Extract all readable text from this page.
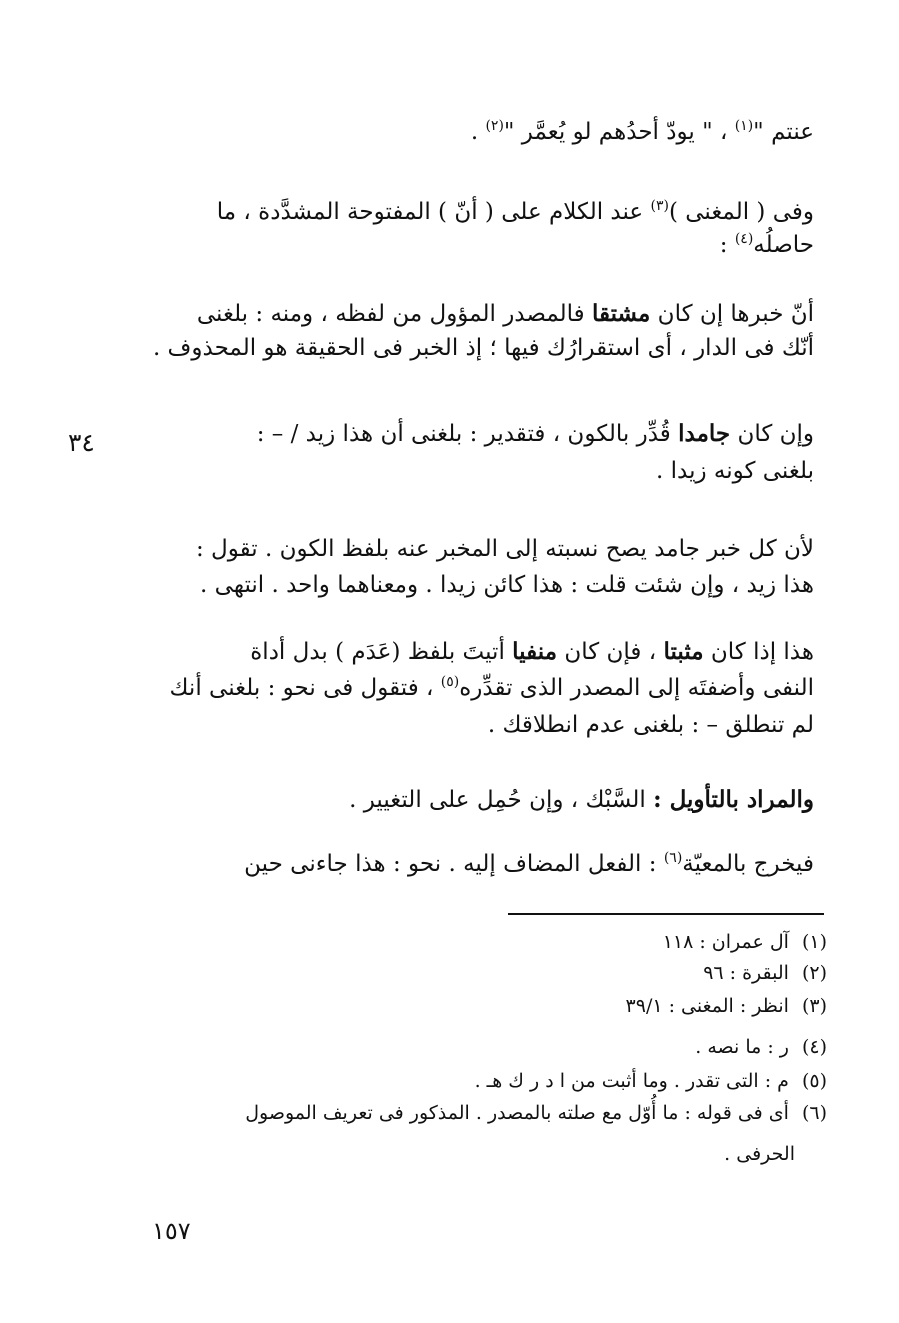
عنتم "$^{(١)}$ ، " يودّ أحدُهم لو يُعمَّر "$^{(٢)}$ .
وفى ( المغنى )$^{(٣)}$ عند الكلام على ( أنّ ) المفتوحة المشدَّدة ، ما
حاصلُه$^{(٤)}$ :
أنّ خبرها إن كان مشتقا فالمصدر المؤول من لفظه ، ومنه : بلغنى
أنّك فى الدار ، أى استقرارُك فيها ؛ إذ الخبر فى الحقيقة هو المحذوف .
وإن كان جامدا قُدِّر بالكون ، فتقدير : بلغنى أن هذا زيد / – :
بلغنى كونه زيدا .
٣٤
لأن كل خبر جامد يصح نسبته إلى المخبر عنه بلفظ الكون . تقول :
هذا زيد ، وإن شئت قلت : هذا كائن زيدا . ومعناهما واحد . انتهى .
هذا إذا كان مثبتا ، فإن كان منفيا أتيتَ بلفظ (عَدَم ) بدل أداة
النفى وأضفتَه إلى المصدر الذى تقدِّره$^{(٥)}$ ، فتقول فى نحو : بلغنى أنك
لم تنطلق – : بلغنى عدم انطلاقك .
والمراد بالتأويل : السَّبْك ، وإن حُمِل على التغيير .
فيخرج بالمعيّة$^{(٦)}$ : الفعل المضاف إليه . نحو : هذا جاءنى حين
(١) آل عمران : ١١٨
(٢) البقرة : ٩٦
(٣) انظر : المغنى : ٣٩/١
(٤) ر : ما نصه .
(٥) م : التى تقدر . وما أثبت من ا د ر ك هـ .
(٦) أى فى قوله : ما أُوّل مع صلته بالمصدر . المذكور فى تعريف الموصول
الحرفى .
١٥٧
